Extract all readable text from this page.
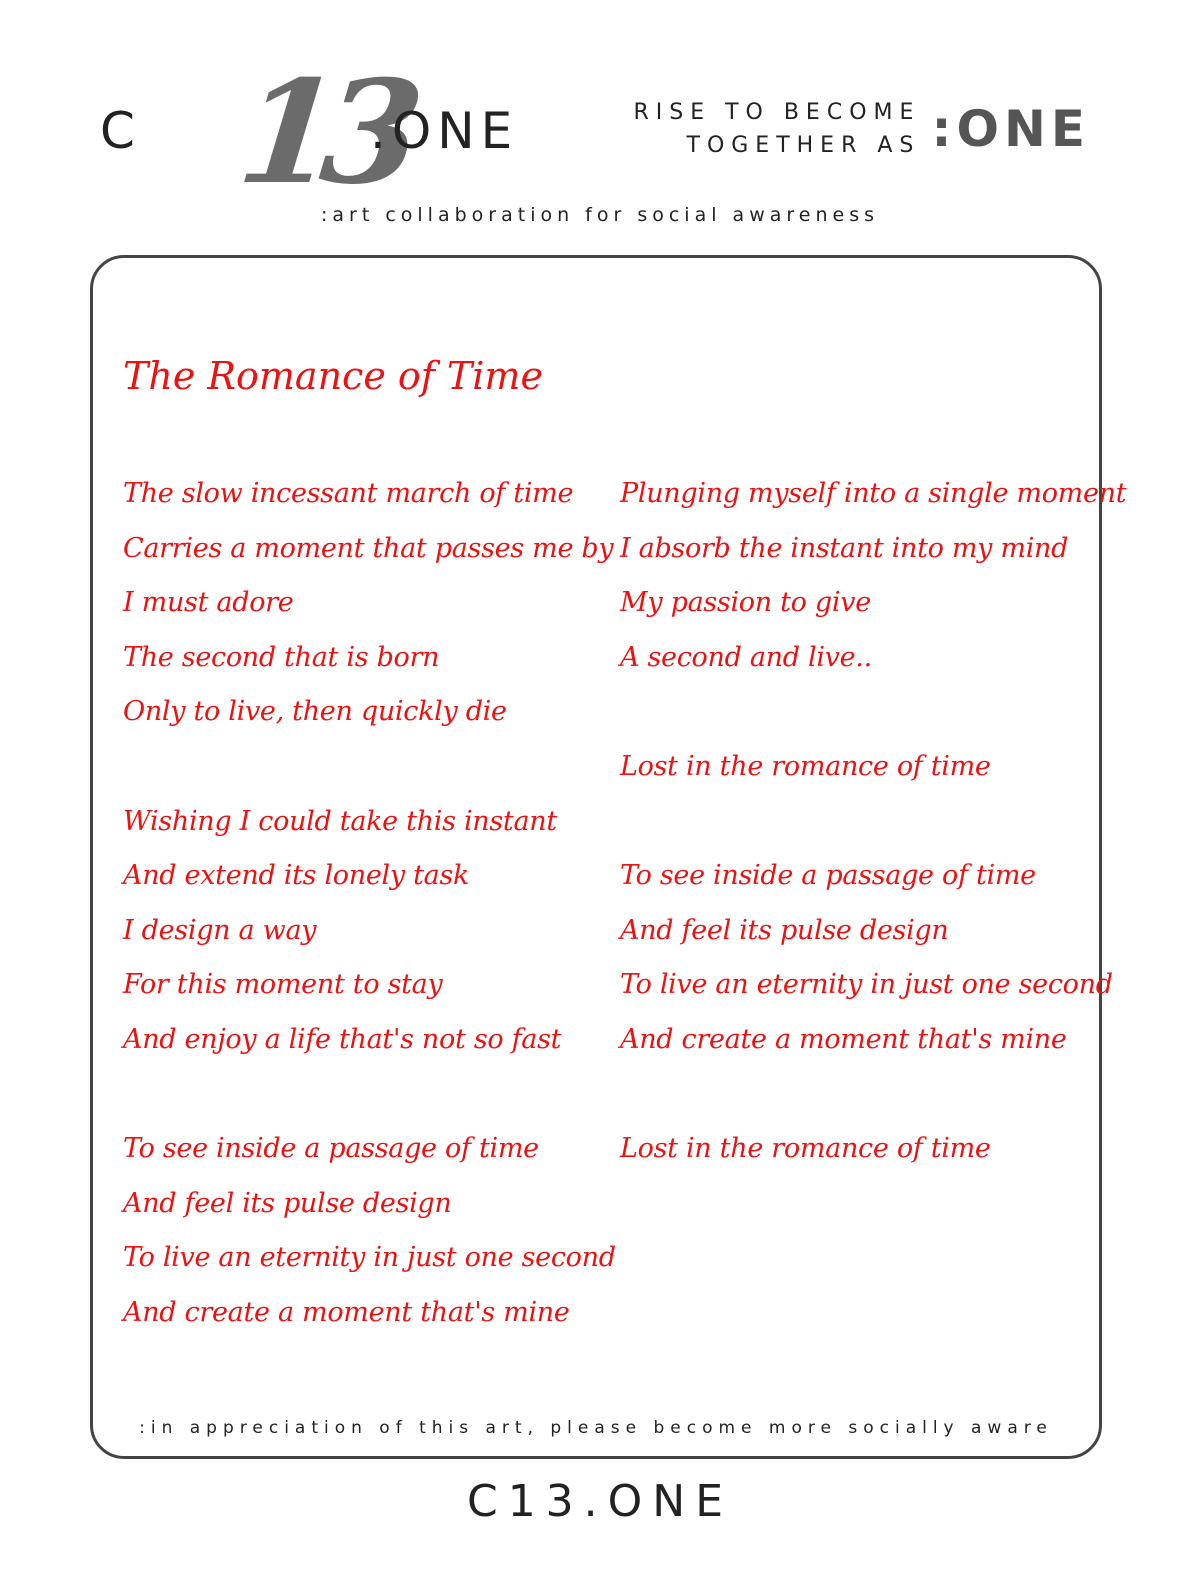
C 13
.ONE	RISE TO BECOME
TOGETHER AS :ONE
:art collaboration for social awareness
The Romance of Time
The slow incessant march of time
Carries a moment that passes me by
I must adore
The second that is born
Only to live, then quickly die
Wishing I could take this instant
And extend its lonely task
I design a way
For this moment to stay
And enjoy a life that's not so fast
To see inside a passage of time
And feel its pulse design
To live an eternity in just one second
And create a moment that's mine
Plunging myself into a single moment
I absorb the instant into my mind
My passion to give
A second and live..
Lost in the romance of time
To see inside a passage of time
And feel its pulse design
To live an eternity in just one second
And create a moment that's mine
Lost in the romance of time
:in appreciation of this art, please become more socially aware
C13.ONE
